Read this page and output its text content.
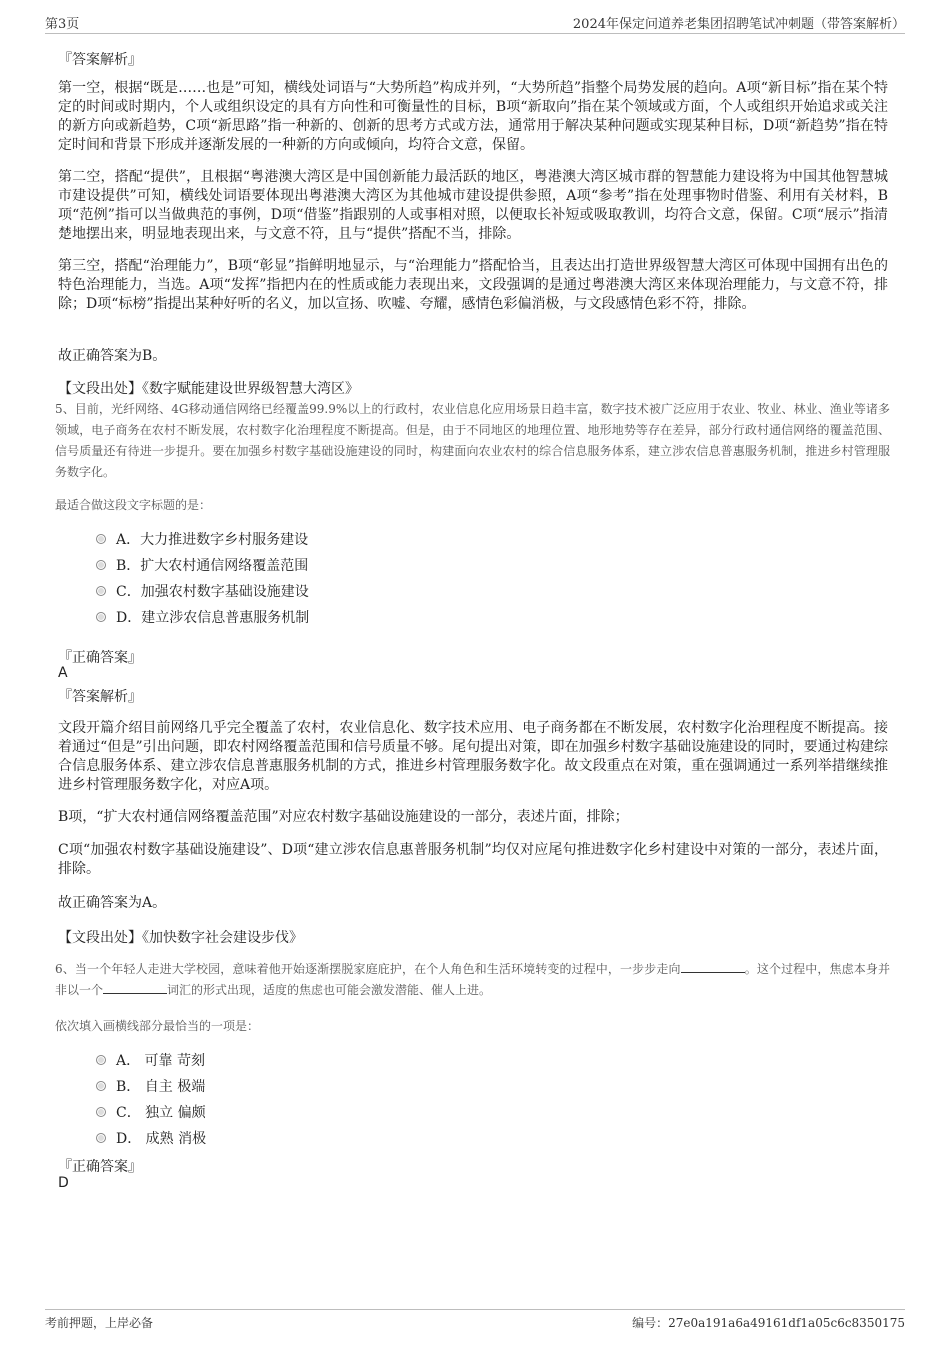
第3页	2024年保定问道养老集团招聘笔试冲刺题（带答案解析）
『答案解析』
第一空，根据“既是……也是”可知，横线处词语与“大势所趋”构成并列，“大势所趋”指整个局势发展的趋向。A项“新目标”指在某个特定的时间或时期内，个人或组织设定的具有方向性和可衡量性的目标，B项“新取向”指在某个领域或方面，个人或组织开始追求或关注的新方向或新趋势，C项“新思路”指一种新的、创新的思考方式或方法，通常用于解决某种问题或实现某种目标，D项“新趋势”指在特定时间和背景下形成并逐渐发展的一种新的方向或倾向，均符合文意，保留。
第二空，搭配“提供”，且根据“粤港澳大湾区是中国创新能力最活跃的地区，粤港澳大湾区城市群的智慧能力建设将为中国其他智慧城市建设提供”可知，横线处词语要体现出粤港澳大湾区为其他城市建设提供参照，A项“参考”指在处理事物时借鉴、利用有关材料，B项“范例”指可以当做典范的事例，D项“借鉴”指跟别的人或事相对照，以便取长补短或吸取教训，均符合文意，保留。C项“展示”指清楚地摆出来，明显地表现出来，与文意不符，且与“提供”搭配不当，排除。
第三空，搭配“治理能力”，B项“彰显”指鲜明地显示，与“治理能力”搭配恰当，且表达出打造世界级智慧大湾区可体现中国拥有出色的特色治理能力，当选。A项“发挥”指把内在的性质或能力表现出来，文段强调的是通过粤港澳大湾区来体现治理能力，与文意不符，排除；D项“标榜”指提出某种好听的名义，加以宣扬、吹嘘、夸耀，感情色彩偏消极，与文段感情色彩不符，排除。
故正确答案为B。
【文段出处】《数字赋能建设世界级智慧大湾区》
5、目前，光纤网络、4G移动通信网络已经覆盖99.9%以上的行政村，农业信息化应用场景日趋丰富，数字技术被广泛应用于农业、牧业、林业、渔业等诸多领域，电子商务在农村不断发展，农村数字化治理程度不断提高。但是，由于不同地区的地理位置、地形地势等存在差异，部分行政村通信网络的覆盖范围、信号质量还有待进一步提升。要在加强乡村数字基础设施建设的同时，构建面向农业农村的综合信息服务体系，建立涉农信息普惠服务机制，推进乡村管理服务数字化。
最适合做这段文字标题的是：
A．大力推进数字乡村服务建设
B．扩大农村通信网络覆盖范围
C．加强农村数字基础设施建设
D．建立涉农信息普惠服务机制
『正确答案』
A
『答案解析』
文段开篇介绍目前网络几乎完全覆盖了农村，农业信息化、数字技术应用、电子商务都在不断发展，农村数字化治理程度不断提高。接着通过“但是”引出问题，即农村网络覆盖范围和信号质量不够。尾句提出对策，即在加强乡村数字基础设施建设的同时，要通过构建综合信息服务体系、建立涉农信息普惠服务机制的方式，推进乡村管理服务数字化。故文段重点在对策，重在强调通过一系列举措继续推进乡村管理服务数字化，对应A项。
B项，“扩大农村通信网络覆盖范围”对应农村数字基础设施建设的一部分，表述片面，排除；
C项“加强农村数字基础设施建设”、D项“建立涉农信息惠普服务机制”均仅对应尾句推进数字化乡村建设中对策的一部分，表述片面，排除。
故正确答案为A。
【文段出处】《加快数字社会建设步伐》
6、当一个年轻人走进大学校园，意味着他开始逐渐摆脱家庭庇护，在个人角色和生活环境转变的过程中，一步步走向	。这个过程中，焦虑本身并非以一个	词汇的形式出现，适度的焦虑也可能会激发潜能、催人上进。
依次填入画横线部分最恰当的一项是：
A． 可靠 苛刻
B． 自主 极端
C． 独立 偏颇
D． 成熟 消极
『正确答案』
D
考前押题，上岸必备	编号：27e0a191a6a49161df1a05c6c8350175
